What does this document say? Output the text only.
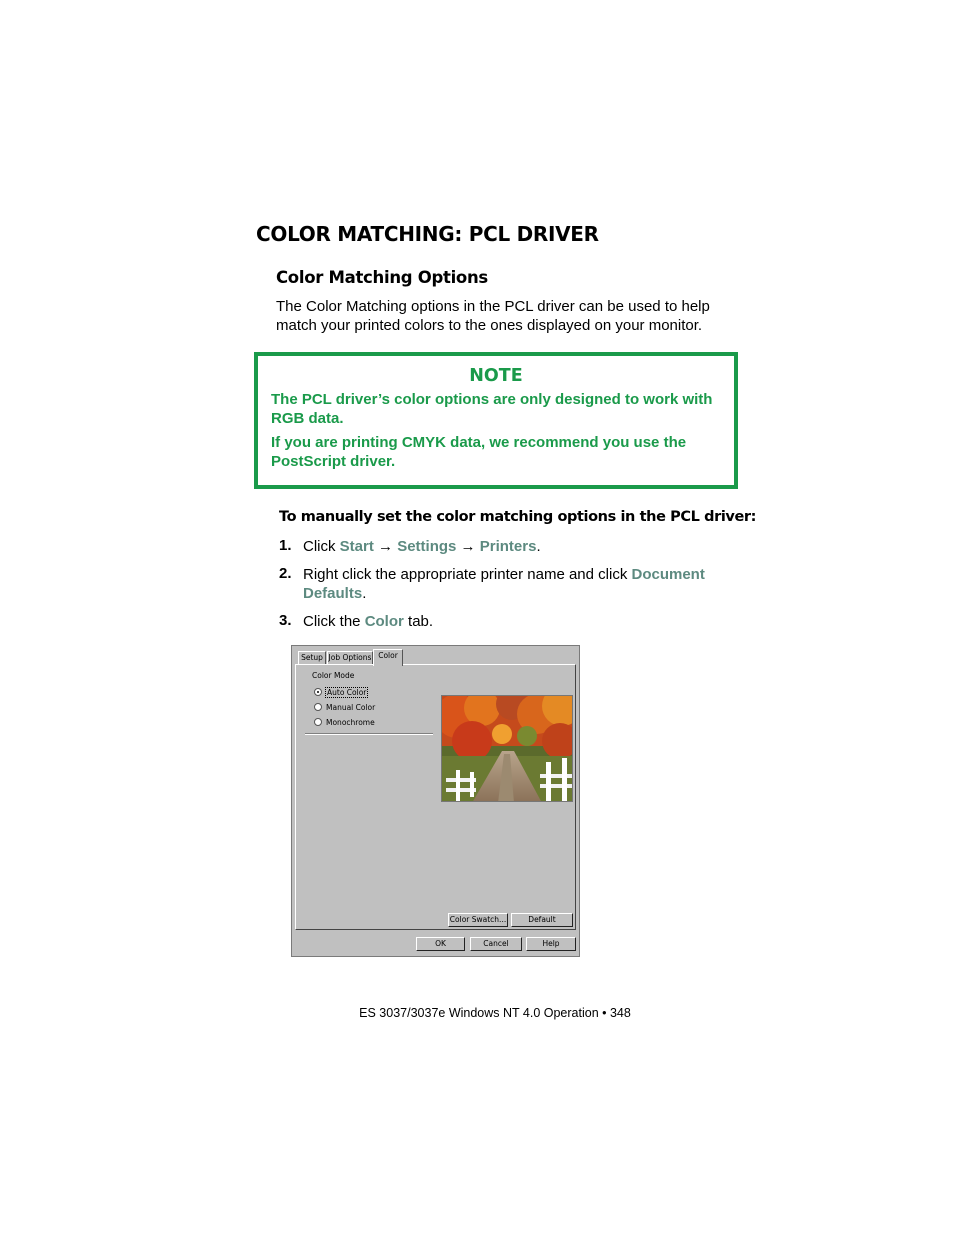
COLOR MATCHING: PCL DRIVER
Color Matching Options
The Color Matching options in the PCL driver can be used to help match your printed colors to the ones displayed on your monitor.
NOTE
The PCL driver’s color options are only designed to work with RGB data.
If you are printing CMYK data, we recommend you use the PostScript driver.
To manually set the color matching options in the PCL driver:
1. Click Start → Settings → Printers.
2. Right click the appropriate printer name and click Document Defaults.
3. Click the Color tab.
Setup Job Options Color
Color Mode
Auto Color
Manual Color
Monochrome
Color Swatch...	Default
OK	Cancel	Help
ES 3037/3037e Windows NT 4.0 Operation • 348
